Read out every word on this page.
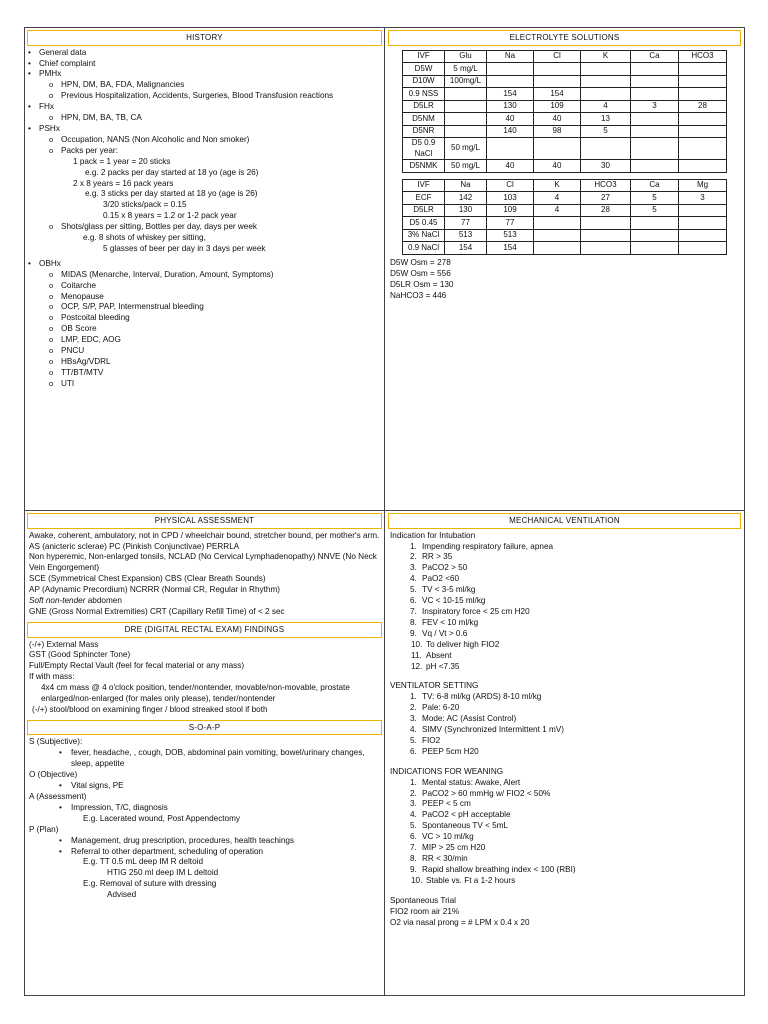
HISTORY
• General data
• Chief complaint
• PMHx
o HPN, DM, BA, FDA, Malignancies
o Previous Hospitalization, Accidents, Surgeries, Blood Transfusion reactions
• FHx
o HPN, DM, BA, TB, CA
• PSHx
o Occupation, NANS (Non Alcoholic and Non smoker)
o Packs per year:
1 pack = 1 year = 20 sticks
e.g. 2 packs per day started at 18 yo (age is 26)
2 x 8 years = 16 pack years
e.g. 3 sticks per day started at 18 yo (age is 26)
3/20 sticks/pack = 0.15
0.15 x 8 years = 1.2 or 1-2 pack year
o Shots/glass per sitting, Bottles per day, days per week
e.g. 8 shots of whiskey per sitting,
5 glasses of beer per day in 3 days per week
• OBHx
o MIDAS (Menarche, Interval, Duration, Amount, Symptoms)
o Coitarche
o Menopause
o OCP, S/P, PAP, Intermenstrual bleeding
o Postcoital bleeding
o OB Score
o LMP, EDC, AOG
o PNCU
o HBsAg/VDRL
o TT/BT/MTV
o UTI
ELECTROLYTE SOLUTIONS
IVF	Glu	Na	Cl	K	Ca	HCO3
D5W	5 mg/L					
D10W	100mg/L					
0.9 NSS		154	154			
D5LR		130	109	4	3	28
D5NM		40	40	13		
D5NR		140	98	5		
D5 0.9 NaCl	50 mg/L					
D5NMK	50 mg/L	40	40	30		
IVF	Na	Cl	K	HCO3	Ca	Mg
ECF	142	103	4	27	5	3
D5LR	130	109	4	28	5	
D5 0.45	77	77				
3% NaCl	513	513				
0.9 NaCl	154	154				
D5W Osm = 278
D5W Osm = 556
D5LR Osm = 130
NaHCO3 = 446
PHYSICAL ASSESSMENT
Awake, coherent, ambulatory, not in CPD / wheelchair bound, stretcher bound, per mother's arm.
AS (anicteric sclerae) PC (Pinkish Conjunctivae) PERRLA
Non hyperemic, Non-enlarged tonsils, NCLAD (No Cervical Lymphadenopathy) NNVE (No Neck Vein Engorgement)
SCE (Symmetrical Chest Expansion) CBS (Clear Breath Sounds)
AP (Adynamic Precordium) NCRRR (Normal CR, Regular in Rhythm)
Soft non-tender abdomen
GNE (Gross Normal Extremities) CRT (Capillary Refill Time) of < 2 sec
DRE (DIGITAL RECTAL EXAM) FINDINGS
(-/+) External Mass
GST (Good Sphincter Tone)
Full/Empty Rectal Vault (feel for fecal material or any mass)
If with mass:
4x4 cm mass @ 4 o'clock position, tender/nontender, movable/non-movable, prostate enlarged/non-enlarged (for males only please), tender/nontender
(-/+) stool/blood on examining finger / blood streaked stool if both
S-O-A-P
S (Subjective):
• fever, headache, , cough, DOB, abdominal pain vomiting, bowel/urinary changes, sleep, appetite
O (Objective)
• Vital signs, PE
A (Assessment)
• Impression, T/C, diagnosis
E.g. Lacerated wound, Post Appendectomy
P (Plan)
• Management, drug prescription, procedures, health teachings
• Referral to other department, scheduling of operation
E.g. TT 0.5 mL deep IM R deltoid
HTIG 250 ml deep IM L deltoid
E.g. Removal of suture with dressing
Advised
MECHANICAL VENTILATION
Indication for Intubation
1. Impending respiratory failure, apnea
2. RR > 35
3. PaCO2 > 50
4. PaO2 <60
5. TV < 3-5 ml/kg
6. VC < 10-15 ml/kg
7. Inspiratory force < 25 cm H20
8. FEV < 10 ml/kg
9. Vq / Vt > 0.6
10. To deliver high FIO2
11. Absent
12. pH <7.35
VENTILATOR SETTING
1. TV: 6-8 ml/kg (ARDS) 8-10 ml/kg
2. Pale: 6-20
3. Mode: AC (Assist Control)
4. SIMV (Synchronized Intermittent 1 mV)
5. FIO2
6. PEEP 5cm H20
INDICATIONS FOR WEANING
1. Mental status: Awake, Alert
2. PaCO2 > 60 mmHg w/ FIO2 < 50%
3. PEEP < 5 cm
4. PaCO2 < pH acceptable
5. Spontaneous TV < 5mL
6. VC > 10 ml/kg
7. MIP > 25 cm H20
8. RR < 30/min
9. Rapid shallow breathing index < 100 (RBI)
10. Stable vs. Ft a 1-2 hours
Spontaneous Trial
FIO2 room air 21%
O2 via nasal prong = # LPM x 0.4 x 20
